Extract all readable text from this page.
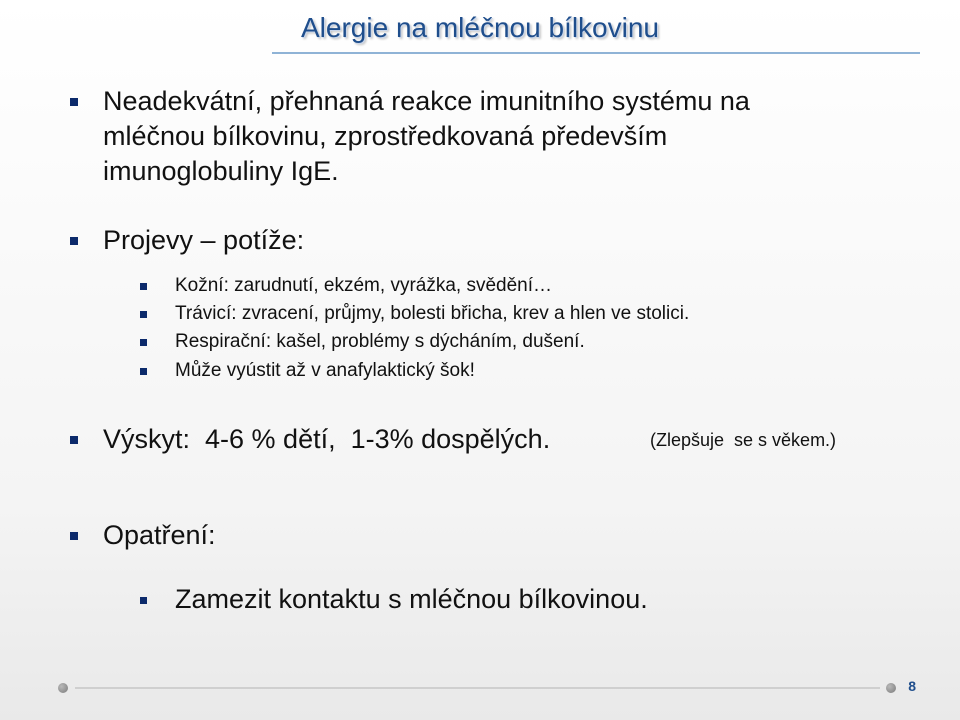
Alergie na mléčnou bílkovinu
Neadekvátní, přehnaná reakce imunitního systému na
mléčnou bílkovinu, zprostředkovaná především
imunoglobuliny IgE.
Projevy – potíže:
Kožní: zarudnutí, ekzém, vyrážka, svědění…
Trávicí: zvracení, průjmy, bolesti břicha, krev a hlen ve stolici.
Respirační: kašel, problémy s dýcháním, dušení.
Může vyústit až v anafylaktický šok!
Výskyt:  4-6 % dětí,  1-3% dospělých.	(Zlepšuje  se s věkem.)
Opatření:
Zamezit kontaktu s mléčnou bílkovinou.
8
